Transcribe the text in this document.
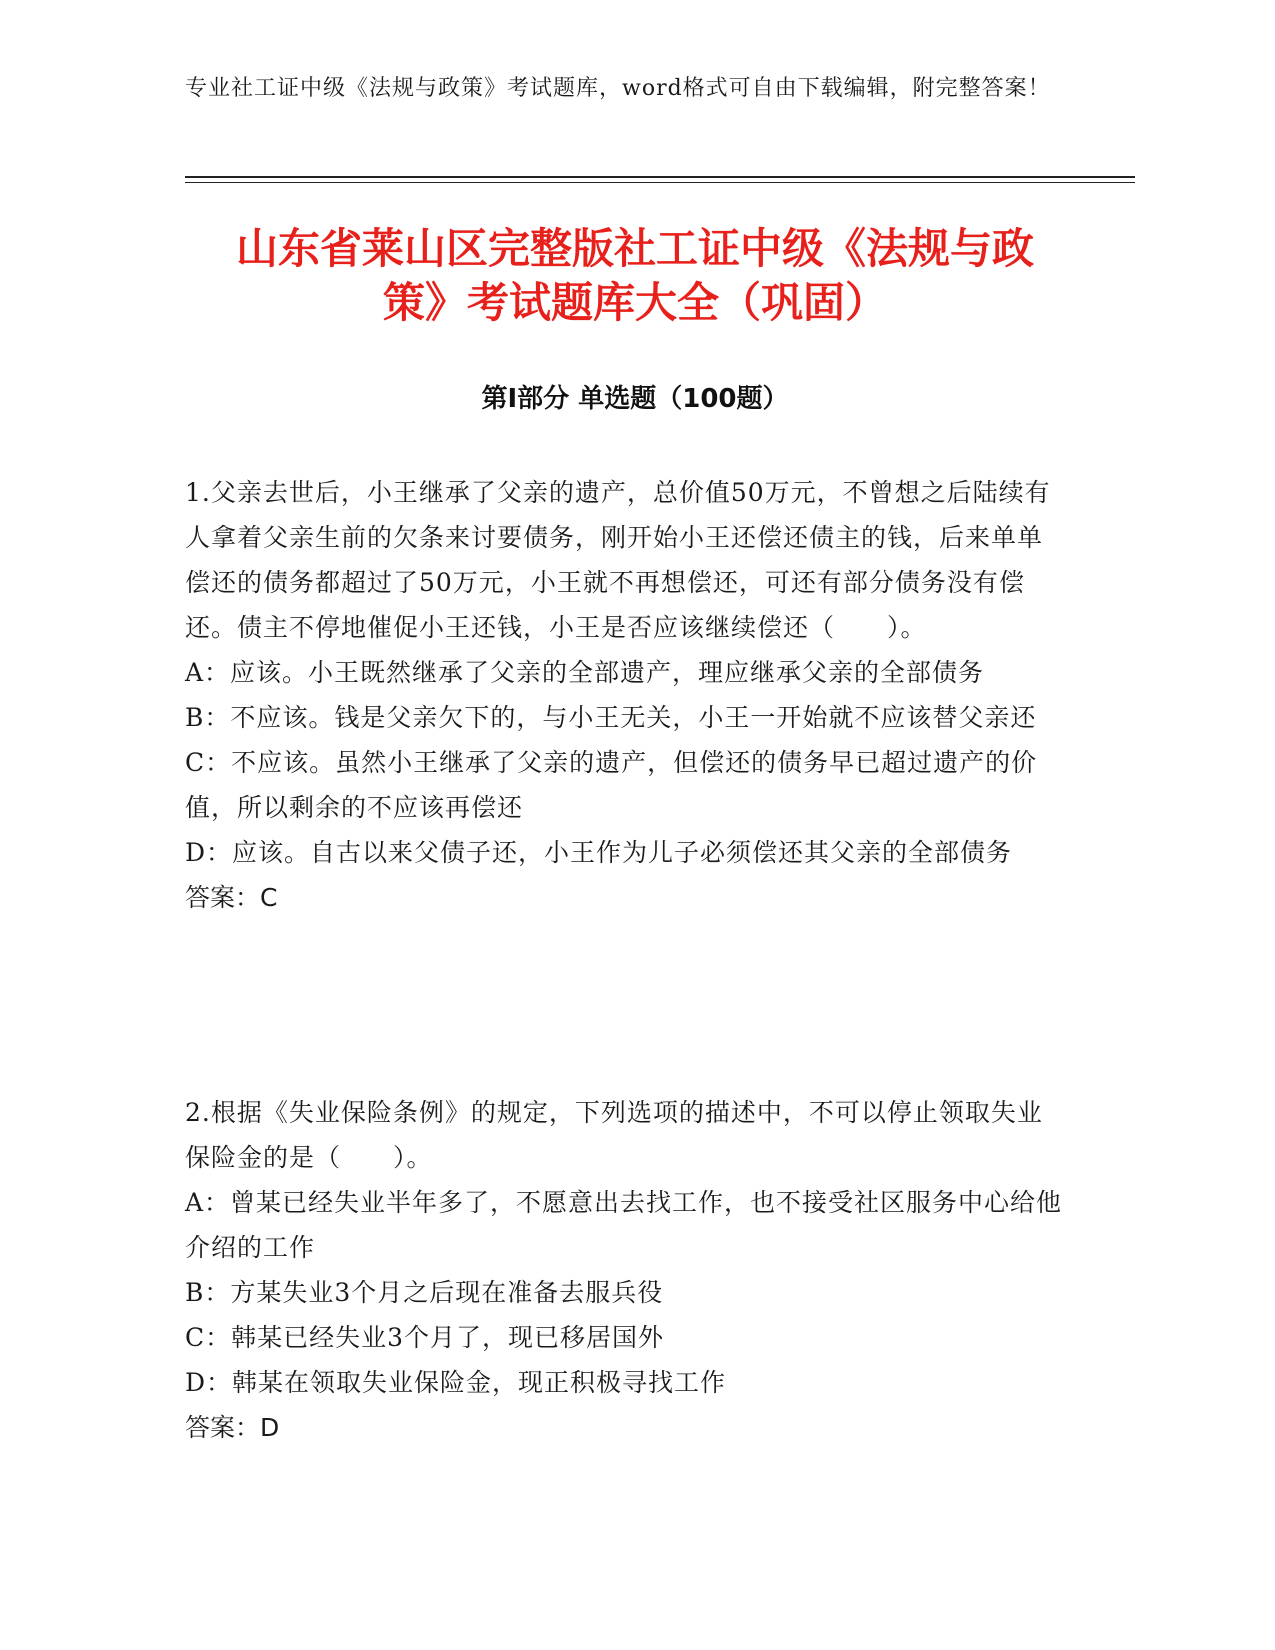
专业社工证中级《法规与政策》考试题库，word格式可自由下载编辑，附完整答案！
山东省莱山区完整版社工证中级《法规与政
策》考试题库大全（巩固）
第Ⅰ部分 单选题（100题）
1.父亲去世后，小王继承了父亲的遗产，总价值50万元，不曾想之后陆续有人拿着父亲生前的欠条来讨要债务，刚开始小王还偿还债主的钱，后来单单偿还的债务都超过了50万元，小王就不再想偿还，可还有部分债务没有偿还。债主不停地催促小王还钱，小王是否应该继续偿还（　　）。
A：应该。小王既然继承了父亲的全部遗产，理应继承父亲的全部债务
B：不应该。钱是父亲欠下的，与小王无关，小王一开始就不应该替父亲还
C：不应该。虽然小王继承了父亲的遗产，但偿还的债务早已超过遗产的价值，所以剩余的不应该再偿还
D：应该。自古以来父债子还，小王作为儿子必须偿还其父亲的全部债务
答案：C
2.根据《失业保险条例》的规定，下列选项的描述中，不可以停止领取失业保险金的是（　　）。
A：曾某已经失业半年多了，不愿意出去找工作，也不接受社区服务中心给他介绍的工作
B：方某失业3个月之后现在准备去服兵役
C：韩某已经失业3个月了，现已移居国外
D：韩某在领取失业保险金，现正积极寻找工作
答案：D
